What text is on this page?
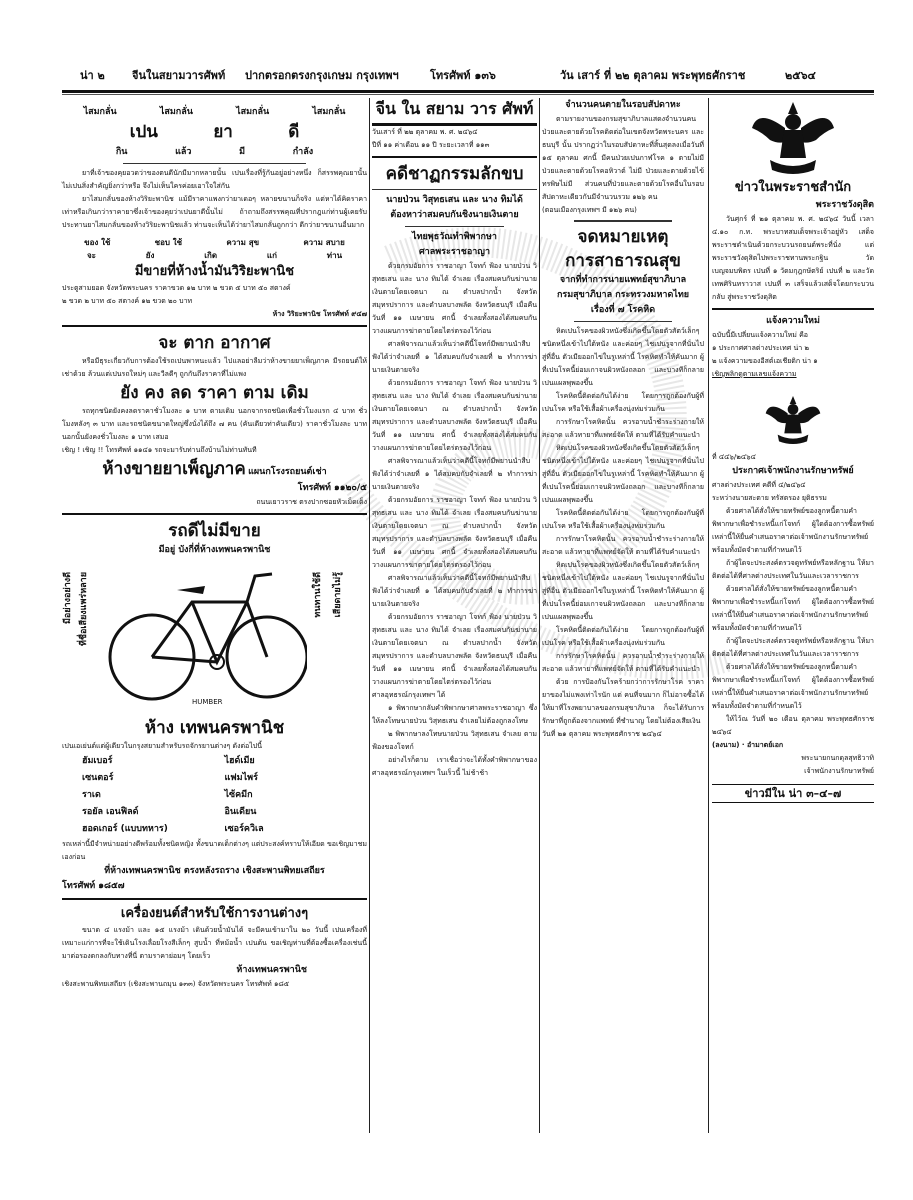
น่า ๒ จีนในสยามวารศัพท์ ปากตรอกตรงกรุงเกษม กรุงเทพฯ	โทรศัพท์ ๑๓๖	วัน เสาร์ ที่ ๒๒ ตุลาคม พระพุทธศักราช	๒๕๖๔
ไสมกลั่น	ไสมกลั่น	ไสมกลั่น	ไสมกลั่น
เปน	ยา	ดี
กิน	แล้ว	มี	กำลัง
ยาที่เจ้าของคุยอวดว่าของตนดีนักมีมากหลายนั้น เปนเรื่องที่รู้กันอยู่อย่างหนึ่ง ก็สรรพคุณยานั้นไม่เปนสิ่งสำคัญยิ่งกว่าหรือ จึงไม่เห็นใครค่อยเอาใจใส่กัน
ยาไสมกลั่นของห้างวิริยะพานิช แม้มีราคาแพงกว่ายาเดอๆ หลายขนานก็จริง แต่หาได้คิดราคาเท่าหรือเกินกว่าราคายาซึ่งเจ้าของคุยว่าเปนยาดีนั้นไม่ ถ้าถามถึงสรรพคุณที่ปรากฎแก่ท่านผู้เคยรับประทานยาไสมกลั่นของห้างวิริยะพานิชแล้ว ท่านจะเห็นได้ว่ายาไสมกลั่นถูกกว่า ดีกว่ายาขนานอื่นมาก
ของ ใช้	ชอบ ใช้	ความ สุข	ความ สบาย
จะ	ยัง	เกิด	แก่	ท่าน
มีขายที่ห้างน้ำมันวิริยะพานิช
ประตูสามยอด จังหวัดพระนคร ราคาขวด ๑๒ บาท ๒ ขวด ๕ บาท ๕๐ สตางค์
๒ ขวด ๒ บาท ๕๐ สตางค์ ๑๒ ขวด ๒๐ บาท
ห้าง วิริยะพานิช โทรศัพท์ ๙๔๗
จะ ตาก อากาศ
หรือมีธุระเกี่ยวกับการต้องใช้รถเปนพาหนะแล้ว ไปแลอย่าลืมว่าห้างขายยาเพ็ญภาค มีรถยนต์ให้เช่าด้วย ล้วนแต่เปนรถใหม่ๆ และวีลดีๆ ถูกกันถึงราคาที่ไม่แพง
ยัง คง ลด ราคา ตาม เดิม
รถทุกชนิดยังคงลดราคาชั่วโมงละ ๑ บาท ตามเดิม นอกจากรถชนิดเพื่อชั่วโมงแรก ๔ บาท ชั่วโมงหลังๆ ๓ บาท และรถชนิดขนาดใหญ่ซึ่งนั่งได้ถึง ๗ คน (คันเดียวท่าคันเดียว) ราคาชั่วโมงละ บาท นอกนั้นยังคงชั่วโมงละ ๑ บาท เสมอ
เชิญ ! เชิญ !! โทรศัพท์ ๑๑๔๑ รถจะมารับท่านถึงบ้านไม่ท่านทันที
ห้างขายยาเพ็ญภาค แผนกโรงรถยนต์เช่า
โทรศัพท์ ๑๑๒๐/๕
ถนนเยาวราช ตรงปากซอยหัวเม็ดเต็ง
รถดีไม่มีขาย
มีอยู่ บังกี่ที่ห้างเทพนครพานิช
มีอย่างอย่างดี ที่ชื่อเสียงแพร่หลาย
HUMBER
ทนทานใช้ดี เสียดายไม่รู้
ห้าง เทพนครพานิช
เปนเอเย่นต์แต่ผู้เดียวในกรุงสยามสำหรับรถจักรยานต่างๆ ดังต่อไปนี้
ฮัมเบอร์	ไฮด์เมีย
เซนตอร์	แฟมไพร์
ราเด	ไซ้คมีก
รอยัล เอนฟิลด์	อินเดียน
ฮอดเกอร์ (แบบทหาร)	เซอร์ควิเล
รถเหล่านี้มีจำหน่ายอย่างดีพร้อมทั้งชนิดหญิง ทั้งขนาดเด็กต่างๆ แต่ประสงค์ทราบให้เอียด ขอเชิญมาชมเองก่อน
ที่ห้างเทพนครพานิช ตรงหลังรถราง เชิงสะพานพิทยเสถียร
โทรศัพท์ ๑๘๕๗
เครื่องยนต์สำหรับใช้การงานต่างๆ
ขนาด ๔ แรงม้า และ ๑๕ แรงม้า เดินด้วยน้ำมันได้ จะมีคนเข้ามาใน ๒๐ วันนี้ เปนเครื่องที่เหมาะแก่การที่จะใช้เดินโรงเลื่อยโรงสีเล็กๆ สูบน้ำ ที่หม้อน้ำ เปนต้น ขอเชิญท่านที่ต้องซื้อเครื่องเช่นนี้ มาต่อรองตกลงกับทางที่นี่ ตามราคาย่อมๆ โดยเร็ว
ห้างเทพนครพานิช
เชิงสะพานพิทยเสถียร (เชิงสะพานถมุน ๑๓๓) จังหวัดพระนคร โทรศัพท์ ๑๘๕
จีน ใน สยาม วาร ศัพท์
วันเสาร์ ที่ ๒๒ ตุลาคม พ. ศ. ๒๔๖๔
ปีที่ ๑๑ ค่าเดือน ๑๑ ปี ระยะเวลาที่ ๑๑๓
คดีชาฏกรรมลักขบ
นายป่วน วิสุทธเสน และ นาง ทิมได้
ต้องหาว่าสมคบกันชิงนายเงินตาย
ไทยพุธวัณทำพิพากษา
ศาลพระราชอาญา
ด้วยกรมอัยการ ราชอาญา โจทก์ ฟ้อง นายป่วน วิสุทธเสน และ นาง ทิมได้ จำเลย เรื่องสมคบกันฆ่านายเงินตายโดยเจตนา ณ ตำบลปากน้ำ จังหวัดสมุทรปราการ และตำบลบางพลัด จังหวัดธนบุรี เมื่อคืนวันที่ ๑๑ เมษายน ศกนี้ จำเลยทั้งสองได้สมคบกันวางแผนการฆ่าตายโดยไตร่ตรองไว้ก่อน
ศาลพิจารณาแล้วเห็นว่าคดีนี้โจทก์มีพยานนำสืบ ฟังได้ว่าจำเลยที่ ๑ ได้สมคบกับจำเลยที่ ๒ ทำการฆ่านายเงินตายจริง
ด้วยกรมอัยการ ราชอาญา โจทก์ ฟ้อง นายป่วน วิสุทธเสน และ นาง ทิมได้ จำเลย เรื่องสมคบกันฆ่านายเงินตายโดยเจตนา ณ ตำบลปากน้ำ จังหวัดสมุทรปราการ และตำบลบางพลัด จังหวัดธนบุรี เมื่อคืนวันที่ ๑๑ เมษายน ศกนี้ จำเลยทั้งสองได้สมคบกันวางแผนการฆ่าตายโดยไตร่ตรองไว้ก่อน
ศาลพิจารณาแล้วเห็นว่าคดีนี้โจทก์มีพยานนำสืบ ฟังได้ว่าจำเลยที่ ๑ ได้สมคบกับจำเลยที่ ๒ ทำการฆ่านายเงินตายจริง
ด้วยกรมอัยการ ราชอาญา โจทก์ ฟ้อง นายป่วน วิสุทธเสน และ นาง ทิมได้ จำเลย เรื่องสมคบกันฆ่านายเงินตายโดยเจตนา ณ ตำบลปากน้ำ จังหวัดสมุทรปราการ และตำบลบางพลัด จังหวัดธนบุรี เมื่อคืนวันที่ ๑๑ เมษายน ศกนี้ จำเลยทั้งสองได้สมคบกันวางแผนการฆ่าตายโดยไตร่ตรองไว้ก่อน
ศาลพิจารณาแล้วเห็นว่าคดีนี้โจทก์มีพยานนำสืบ ฟังได้ว่าจำเลยที่ ๑ ได้สมคบกับจำเลยที่ ๒ ทำการฆ่านายเงินตายจริง
ด้วยกรมอัยการ ราชอาญา โจทก์ ฟ้อง นายป่วน วิสุทธเสน และ นาง ทิมได้ จำเลย เรื่องสมคบกันฆ่านายเงินตายโดยเจตนา ณ ตำบลปากน้ำ จังหวัดสมุทรปราการ และตำบลบางพลัด จังหวัดธนบุรี เมื่อคืนวันที่ ๑๑ เมษายน ศกนี้ จำเลยทั้งสองได้สมคบกันวางแผนการฆ่าตายโดยไตร่ตรองไว้ก่อน
ศาลอุทธรณ์กรุงเทพฯ ได้
๑ พิพากษากลับคำพิพากษาศาลพระราชอาญา ซึ่งให้ลงโทษนายป่วน วิสุทธเสน จำเลยไม่ต้องถูกลงโทษ
๒ พิพากษาลงโทษนายป่วน วิสุทธเสน จำเลย ตามฟ้องของโจทก์
อย่างไรก็ตาม เราเชื่อว่าจะได้ทั้งคำพิพากษาของศาลอุทธรณ์กรุงเทพฯ ในเร็วนี้ ไม่ช้าช้า
จำนวนคนตายในรอบสัปดาหะ
ตามรายงานของกรมสุขาภิบาลแสดงจำนวนคนป่วยและตายด้วยโรคติดต่อในเขตจังหวัดพระนคร และธนบุรี นั้น ปรากฏว่าในรอบสัปดาหะที่สิ้นสุดลงเมื่อวันที่ ๑๕ ตุลาคม ศกนี้ มีคนป่วยเปนกาฬโรค ๑ ตายไม่มี ป่วยและตายด้วยโรคอหิวาต์ ไม่มี ป่วยและตายด้วยไข้ทรพิษไม่มี ส่วนคนที่ป่วยและตายด้วยโรคอื่นในรอบสัปดาหะเดียวกันมีจำนวนรวม ๑๒๖ คน
(ตอนเมืองกรุงเทพฯ มี ๑๒๖ คน)
จดหมายเหตุ
การสาธารณสุข
จากที่ทำการนายแพทย์สุขาภิบาล
กรมสุขาภิบาล กระทรวงมหาดไทย
เรื่องที่ ๗ โรคหิด
หิดเปนโรคของผิวหนังซึ่งเกิดขึ้นโดยตัวสัตว์เล็กๆ ชนิดหนึ่งเข้าไปใต้หนัง และค่อยๆ ไชเปนรูจากที่นั่นไปสู่ที่อื่น ตัวเมียออกไข่ในรูเหล่านี้ โรคหิดทำให้คันมาก ผู้ที่เปนโรคนี้ย่อมเกาจนผิวหนังถลอก และบางทีก็กลายเปนแผลพุพองขึ้น
โรคหิดนี้ติดต่อกันได้ง่าย โดยการถูกต้องกับผู้ที่เปนโรค หรือใช้เสื้อผ้าเครื่องนุ่งห่มร่วมกัน
การรักษาโรคหิดนั้น ควรอาบน้ำชำระร่างกายให้สะอาด แล้วทายาที่แพทย์จัดให้ ตามที่ได้รับคำแนะนำ
หิดเปนโรคของผิวหนังซึ่งเกิดขึ้นโดยตัวสัตว์เล็กๆ ชนิดหนึ่งเข้าไปใต้หนัง และค่อยๆ ไชเปนรูจากที่นั่นไปสู่ที่อื่น ตัวเมียออกไข่ในรูเหล่านี้ โรคหิดทำให้คันมาก ผู้ที่เปนโรคนี้ย่อมเกาจนผิวหนังถลอก และบางทีก็กลายเปนแผลพุพองขึ้น
โรคหิดนี้ติดต่อกันได้ง่าย โดยการถูกต้องกับผู้ที่เปนโรค หรือใช้เสื้อผ้าเครื่องนุ่งห่มร่วมกัน
การรักษาโรคหิดนั้น ควรอาบน้ำชำระร่างกายให้สะอาด แล้วทายาที่แพทย์จัดให้ ตามที่ได้รับคำแนะนำ
หิดเปนโรคของผิวหนังซึ่งเกิดขึ้นโดยตัวสัตว์เล็กๆ ชนิดหนึ่งเข้าไปใต้หนัง และค่อยๆ ไชเปนรูจากที่นั่นไปสู่ที่อื่น ตัวเมียออกไข่ในรูเหล่านี้ โรคหิดทำให้คันมาก ผู้ที่เปนโรคนี้ย่อมเกาจนผิวหนังถลอก และบางทีก็กลายเปนแผลพุพองขึ้น
โรคหิดนี้ติดต่อกันได้ง่าย โดยการถูกต้องกับผู้ที่เปนโรค หรือใช้เสื้อผ้าเครื่องนุ่งห่มร่วมกัน
การรักษาโรคหิดนั้น ควรอาบน้ำชำระร่างกายให้สะอาด แล้วทายาที่แพทย์จัดให้ ตามที่ได้รับคำแนะนำ
ด้วย การป้องกันโรคร้ายกว่าการรักษาโรค ราคายาของไม่แพงเท่าไรนัก แต่ คนที่จนมาก ก็ไม่อาจซื้อได้ ให้มาที่โรงพยาบาลของกรมสุขาภิบาล ก็จะได้รับการรักษาที่ถูกต้องจากแพทย์ ที่ชำนาญ โดยไม่ต้องเสียเงิน
วันที่ ๒๑ ตุลาคม พระพุทธศักราช ๒๔๖๔
ข่าวในพระราชสำนัก
พระราชวังดุสิต
วันศุกร์ ที่ ๒๑ ตุลาคม พ. ศ. ๒๔๖๔ วันนี้ เวลา ๔.๑๐ ก.ท. พระบาทสมเด็จพระเจ้าอยู่หัว เสด็จพระราชดำเนินด้วยกระบวนรถยนต์พระที่นั่ง แต่พระราชวังดุสิตไปพระราชทานพระกฐิน วัดเบญจมบพิตร เปนที่ ๑ วัดมกุฎกษัตริย์ เปนที่ ๒ และวัดเทพศิรินทราวาส เปนที่ ๓ เสร็จแล้วเสด็จโดยกระบวนกลับ สู่พระราชวังดุสิต
แจ้งความใหม่
ฉบับนี้มีเปลี่ยนแจ้งความใหม่ คือ
๑ ประกาศศาลต่างประเทศ น่า ๒
๒ แจ้งความของอีสต์เอเชียติก น่า ๑
เชิญพลิกดูตามเลขแจ้งความ
ที่ ๔๔๖/๒๔๖๔
ประกาศเจ้าพนักงานรักษาทรัพย์
ศาลต่างประเทศ คดีที่ ๔/๒๔๖๔
ระหว่างนายสะตาย ทรัสตรอง ยุติธรรม
ด้วยศาลได้สั่งให้ขายทรัพย์ของลูกหนี้ตามคำพิพากษาเพื่อชำระหนี้แก่โจทก์ ผู้ใดต้องการซื้อทรัพย์เหล่านี้ให้ยื่นคำเสนอราคาต่อเจ้าพนักงานรักษาทรัพย์ พร้อมทั้งมัดจำตามที่กำหนดไว้
ถ้าผู้ใดจะประสงค์ตรวจดูทรัพย์หรือหลักฐาน ให้มาติดต่อได้ที่ศาลต่างประเทศในวันและเวลาราชการ
ด้วยศาลได้สั่งให้ขายทรัพย์ของลูกหนี้ตามคำพิพากษาเพื่อชำระหนี้แก่โจทก์ ผู้ใดต้องการซื้อทรัพย์เหล่านี้ให้ยื่นคำเสนอราคาต่อเจ้าพนักงานรักษาทรัพย์ พร้อมทั้งมัดจำตามที่กำหนดไว้
ถ้าผู้ใดจะประสงค์ตรวจดูทรัพย์หรือหลักฐาน ให้มาติดต่อได้ที่ศาลต่างประเทศในวันและเวลาราชการ
ด้วยศาลได้สั่งให้ขายทรัพย์ของลูกหนี้ตามคำพิพากษาเพื่อชำระหนี้แก่โจทก์ ผู้ใดต้องการซื้อทรัพย์เหล่านี้ให้ยื่นคำเสนอราคาต่อเจ้าพนักงานรักษาทรัพย์ พร้อมทั้งมัดจำตามที่กำหนดไว้
ให้ไว้ณ วันที่ ๒๐ เดือน ตุลาคม พระพุทธศักราช ๒๔๖๔
(ลงนาม) · อำมาตย์เอก
พระนายกนกดุลสุทธิวาทิ
เจ้าพนักงานรักษาทรัพย์
ข่าวมีใน น่า ๓–๔–๗
